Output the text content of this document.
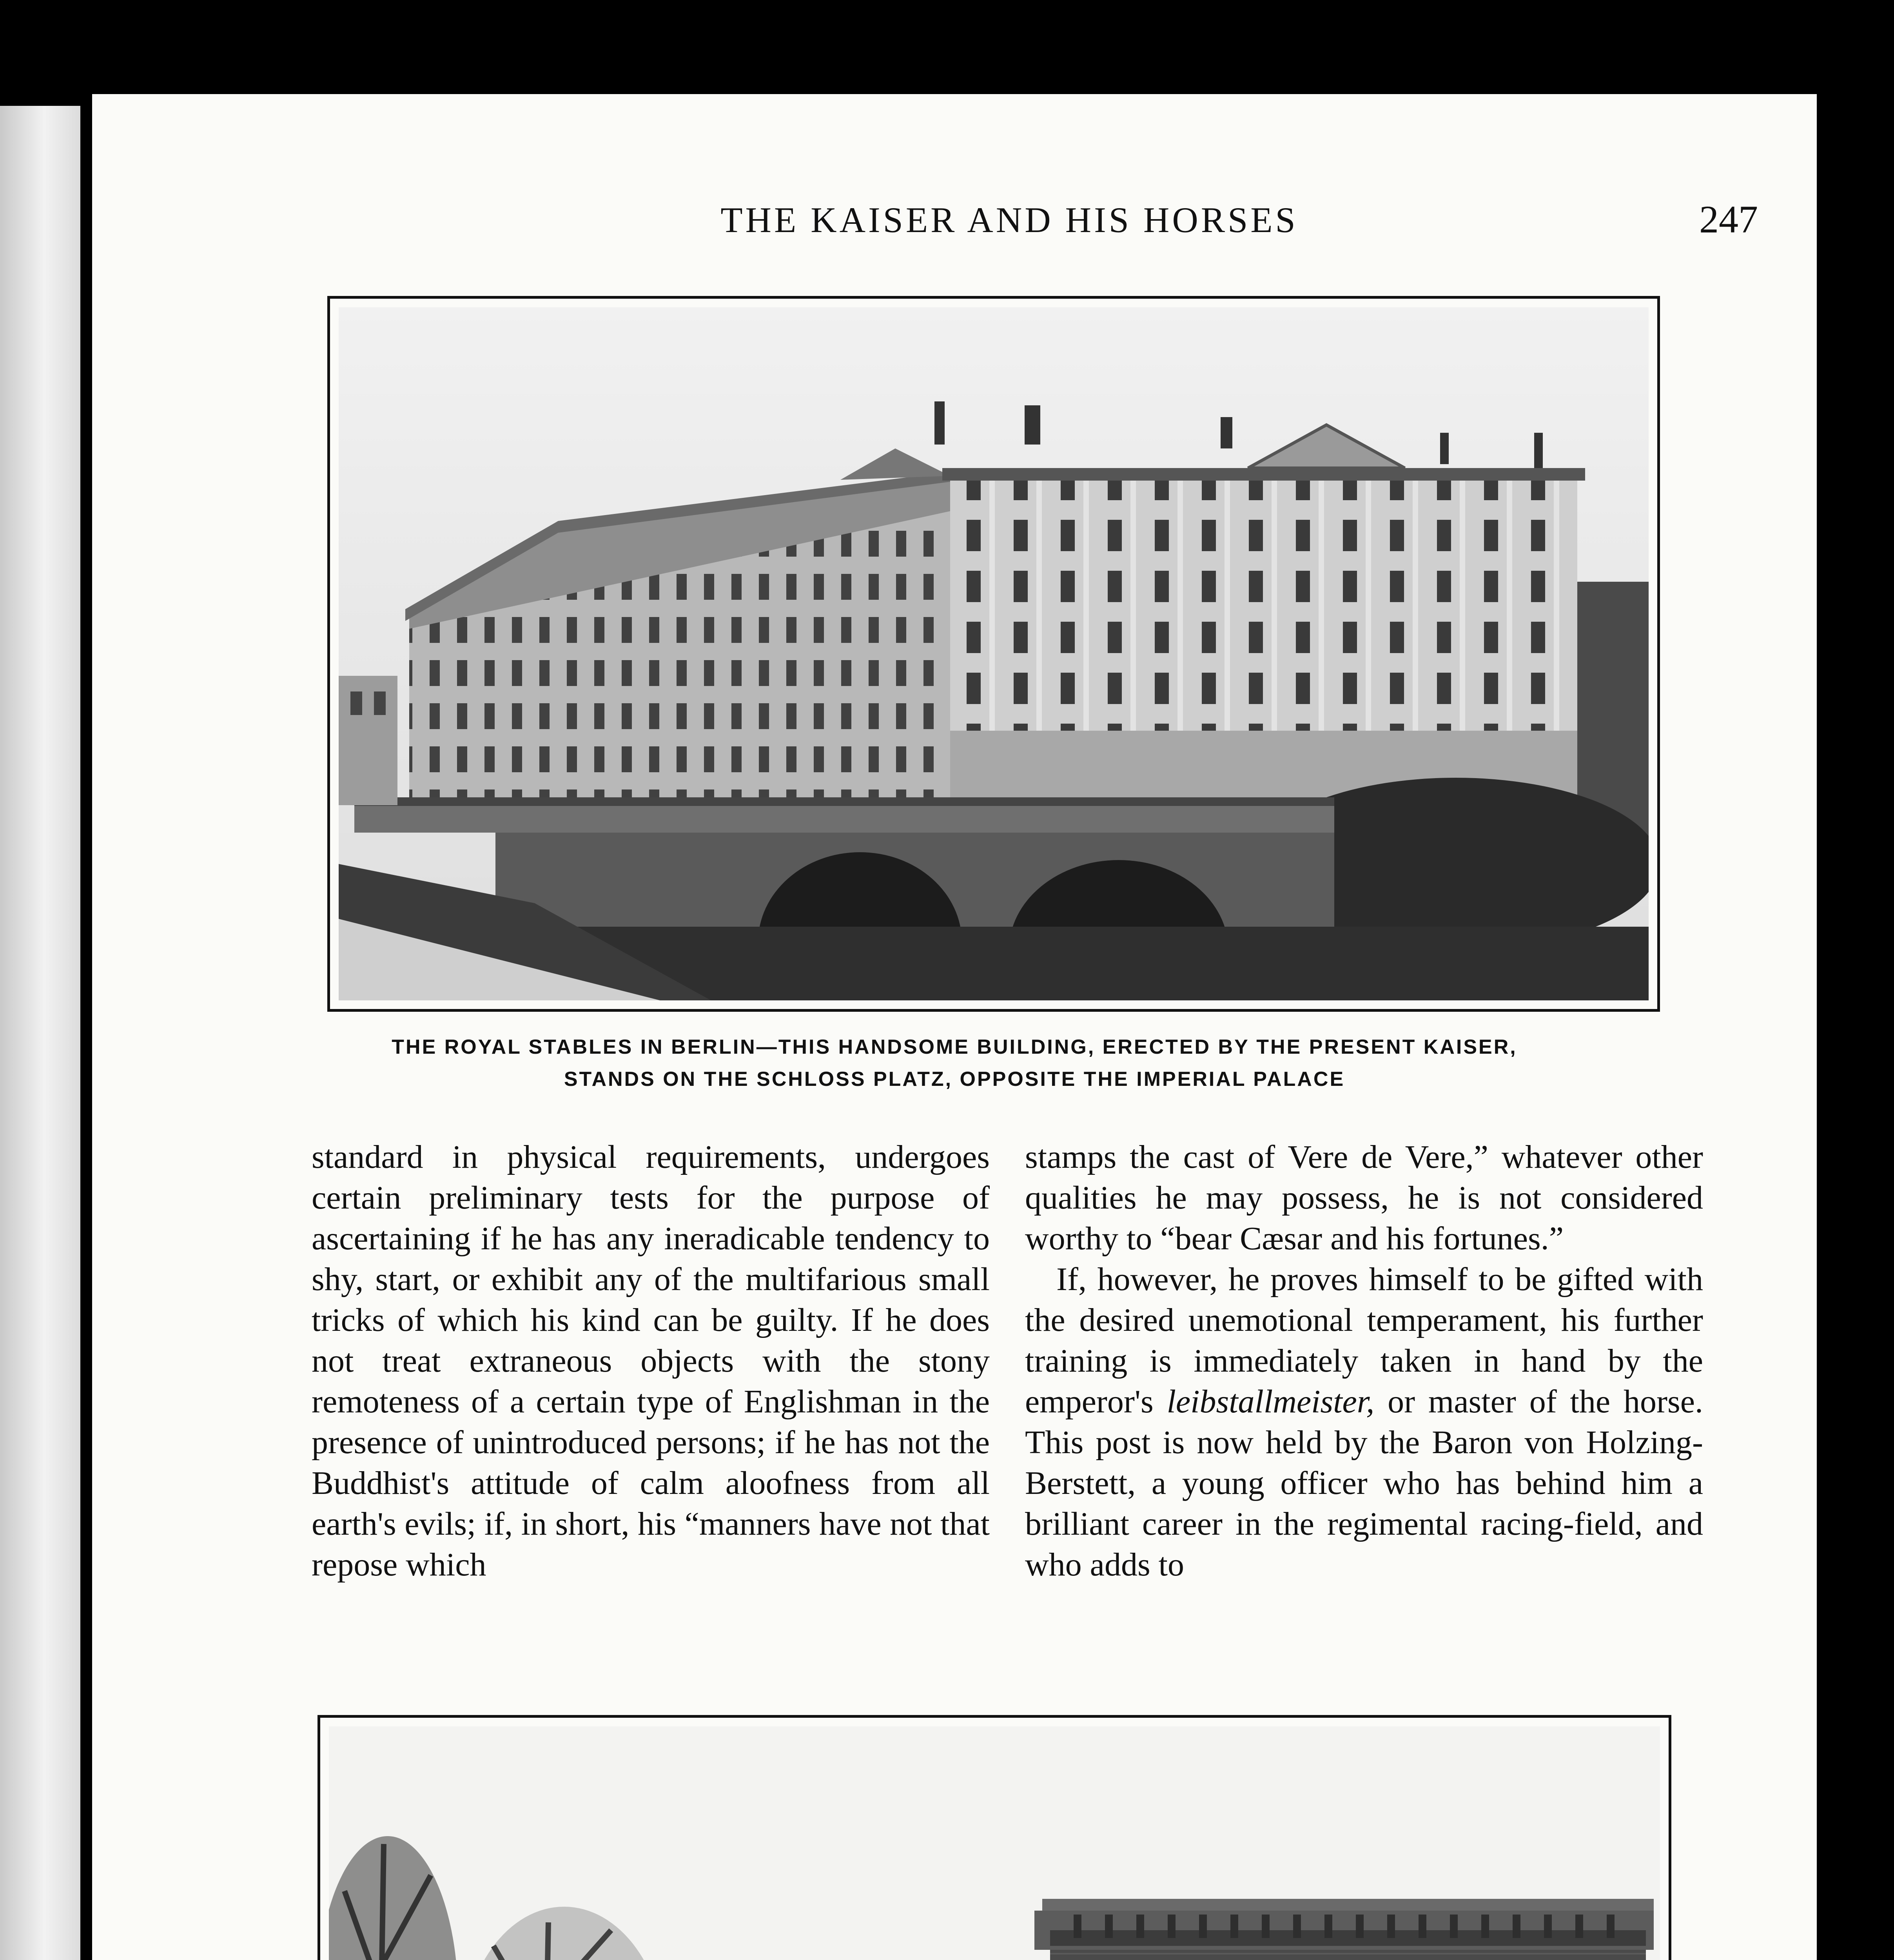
THE KAISER AND HIS HORSES	247
THE ROYAL STABLES IN BERLIN—THIS HANDSOME BUILDING, ERECTED BY THE PRESENT KAISER,
STANDS ON THE SCHLOSS PLATZ, OPPOSITE THE IMPERIAL PALACE

standard in physical requirements, undergoes certain preliminary tests for the purpose of ascertaining if he has any ineradicable tendency to shy, start, or exhibit any of the multifarious small tricks of which his kind can be guilty. If he does not treat extraneous objects with the stony remoteness of a certain type of Englishman in the presence of unintroduced persons; if he has not the Buddhist's attitude of calm aloofness from all earth's evils; if, in short, his “manners have not that repose which

stamps the cast of Vere de Vere,” whatever other qualities he may possess, he is not considered worthy to “bear Cæsar and his fortunes.”

If, however, he proves himself to be gifted with the desired unemotional temperament, his further training is immediately taken in hand by the emperor's leibstallmeister, or master of the horse. This post is now held by the Baron von Holzing-Berstett, a young officer who has behind him a brilliant career in the regimental racing-field, and who adds to
